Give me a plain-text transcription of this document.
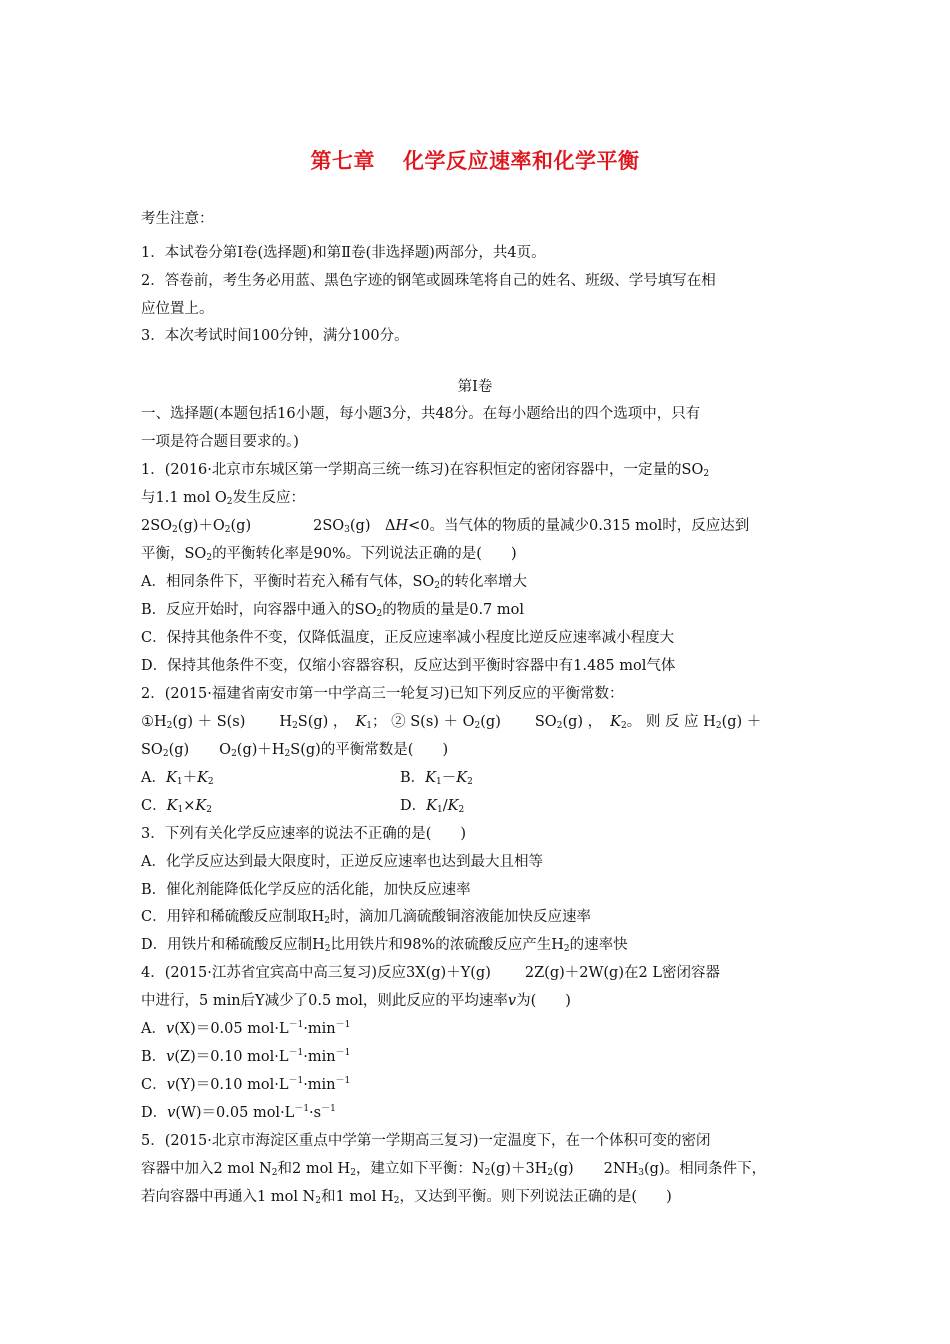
第七章 化学反应速率和化学平衡
考生注意：
1．本试卷分第Ⅰ卷(选择题)和第Ⅱ卷(非选择题)两部分，共4页。
2．答卷前，考生务必用蓝、黑色字迹的钢笔或圆珠笔将自己的姓名、班级、学号填写在相
应位置上。
3．本次考试时间100分钟，满分100分。
第Ⅰ卷
一、选择题(本题包括16小题，每小题3分，共48分。在每小题给出的四个选项中，只有
一项是符合题目要求的。)
1．(2016·北京市东城区第一学期高三统一练习)在容积恒定的密闭容器中，一定量的$SO_2$
与1.1 mol $O_2$发生反应：
$2SO_2(g)+O_2(g)$	$2SO_3(g)$　ΔH<0。当气体的物质的量减少0.315 mol时，反应达到
平衡，$SO_2$的平衡转化率是90%。下列说法正确的是(　　)
A．相同条件下，平衡时若充入稀有气体，$SO_2$的转化率增大
B．反应开始时，向容器中通入的$SO_2$的物质的量是0.7 mol
C．保持其他条件不变，仅降低温度，正反应速率减小程度比逆反应速率减小程度大
D．保持其他条件不变，仅缩小容器容积，反应达到平衡时容器中有1.485 mol气体
2．(2015·福建省南安市第一中学高三一轮复习)已知下列反应的平衡常数：
$①H_2(g) + S(s)$ $H_2S(g)$ ， $K_1$； ② $S(s) + O_2(g)$ $SO_2(g)$ ， $K_2$。 则 反 应 $H_2(g)$ ＋
$SO_2(g)$ $O_2(g)+H_2S(g)$的平衡常数是(　　)
A．$K_1+K_2$	B．$K_1-K_2$
C．$K_1\times K_2$	D．$K_1/K_2$
3．下列有关化学反应速率的说法不正确的是(　　)
A．化学反应达到最大限度时，正逆反应速率也达到最大且相等
B．催化剂能降低化学反应的活化能，加快反应速率
C．用锌和稀硫酸反应制取$H_2$时，滴加几滴硫酸铜溶液能加快反应速率
D．用铁片和稀硫酸反应制$H_2$比用铁片和98%的浓硫酸反应产生$H_2$的速率快
4．(2015·江苏省宜宾高中高三复习)反应3X(g)＋Y(g) 2Z(g)＋2W(g)在2 L密闭容器
中进行，5 min后Y减少了0.5 mol，则此反应的平均速率v为(　　)
A．v(X)＝0.05 $mol\cdot L^{-1}\cdot\min^{-1}$
B．v(Z)＝0.10 $mol\cdot L^{-1}\cdot\min^{-1}$
C．v(Y)＝0.10 $mol\cdot L^{-1}\cdot\min^{-1}$
D．v(W)＝0.05 $mol\cdot L^{-1}\cdot s^{-1}$
5．(2015·北京市海淀区重点中学第一学期高三复习)一定温度下，在一个体积可变的密闭
容器中加入2 mol $N_2$和2 mol $H_2$，建立如下平衡：$N_2(g)+3H_2(g)$ $2NH_3(g)$。相同条件下，
若向容器中再通入1 mol $N_2$和1 mol $H_2$，又达到平衡。则下列说法正确的是(　　)
